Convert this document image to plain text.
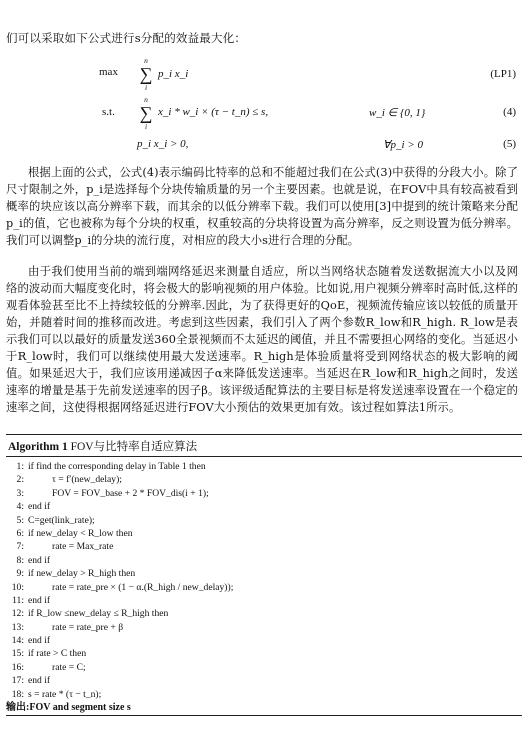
们可以采取如下公式进行s分配的效益最大化：
max
n
∑
i
p_i x_i	(LP1)
s.t.
n
∑
i
x_i * w_i × (τ − t_n) ≤ s,	w_i ∈ {0, 1}	(4)
p_i x_i > 0,	∀p_i > 0	(5)

根据上面的公式，公式(4)表示编码比特率的总和不能超过我们在公式(3)中获得的分段大小。除了尺寸限制之外，p_i是选择每个分块传输质量的另一个主要因素。也就是说，在FOV中具有较高被看到概率的块应该以高分辨率下载，而其余的以低分辨率下载。我们可以使用[3]中提到的统计策略来分配p_i的值，它也被称为每个分块的权重，权重较高的分块将设置为高分辨率，反之则设置为低分辨率。我们可以调整p_i的分块的流行度，对相应的段大小s进行合理的分配。

由于我们使用当前的端到端网络延迟来测量自适应，所以当网络状态随着发送数据流大小以及网络的波动而大幅度变化时，将会极大的影响视频的用户体验。比如说,用户视频分辨率时高时低,这样的观看体验甚至比不上持续较低的分辨率.因此，为了获得更好的QoE，视频流传输应该以较低的质量开始，并随着时间的推移而改进。考虑到这些因素，我们引入了两个参数R_low和R_high. R_low是表示我们可以以最好的质量发送360全景视频而不太延迟的阈值，并且不需要担心网络的变化。当延迟小于R_low时，我们可以继续使用最大发送速率。R_high是体验质量将受到网络状态的极大影响的阈值。如果延迟大于，我们应该用递减因子α来降低发送速率。当延迟在R_low和R_high之间时，发送速率的增量是基于先前发送速率的因子β。该评级适配算法的主要目标是将发送速率设置在一个稳定的速率之间，这使得根据网络延迟进行FOV大小预估的效果更加有效。该过程如算法1所示。

Algorithm 1 FOV与比特率自适应算法
1: if find the corresponding delay in Table 1 then
2:	τ = f′(new_delay);
3:	FOV = FOV_base + 2 * FOV_dis(i + 1);
4: end if
5: C=get(link_rate);
6: if new_delay < R_low then
7:	rate = Max_rate
8: end if
9: if new_delay > R_high then
10:	rate = rate_pre × (1 − α.(R_high / new_delay));
11: end if
12: if R_low ≤new_delay ≤ R_high then
13:	rate = rate_pre + β
14: end if
15: if rate > C then
16:	rate = C;
17: end if
18: s = rate * (τ − t_n);
输出:FOV and segment size s
